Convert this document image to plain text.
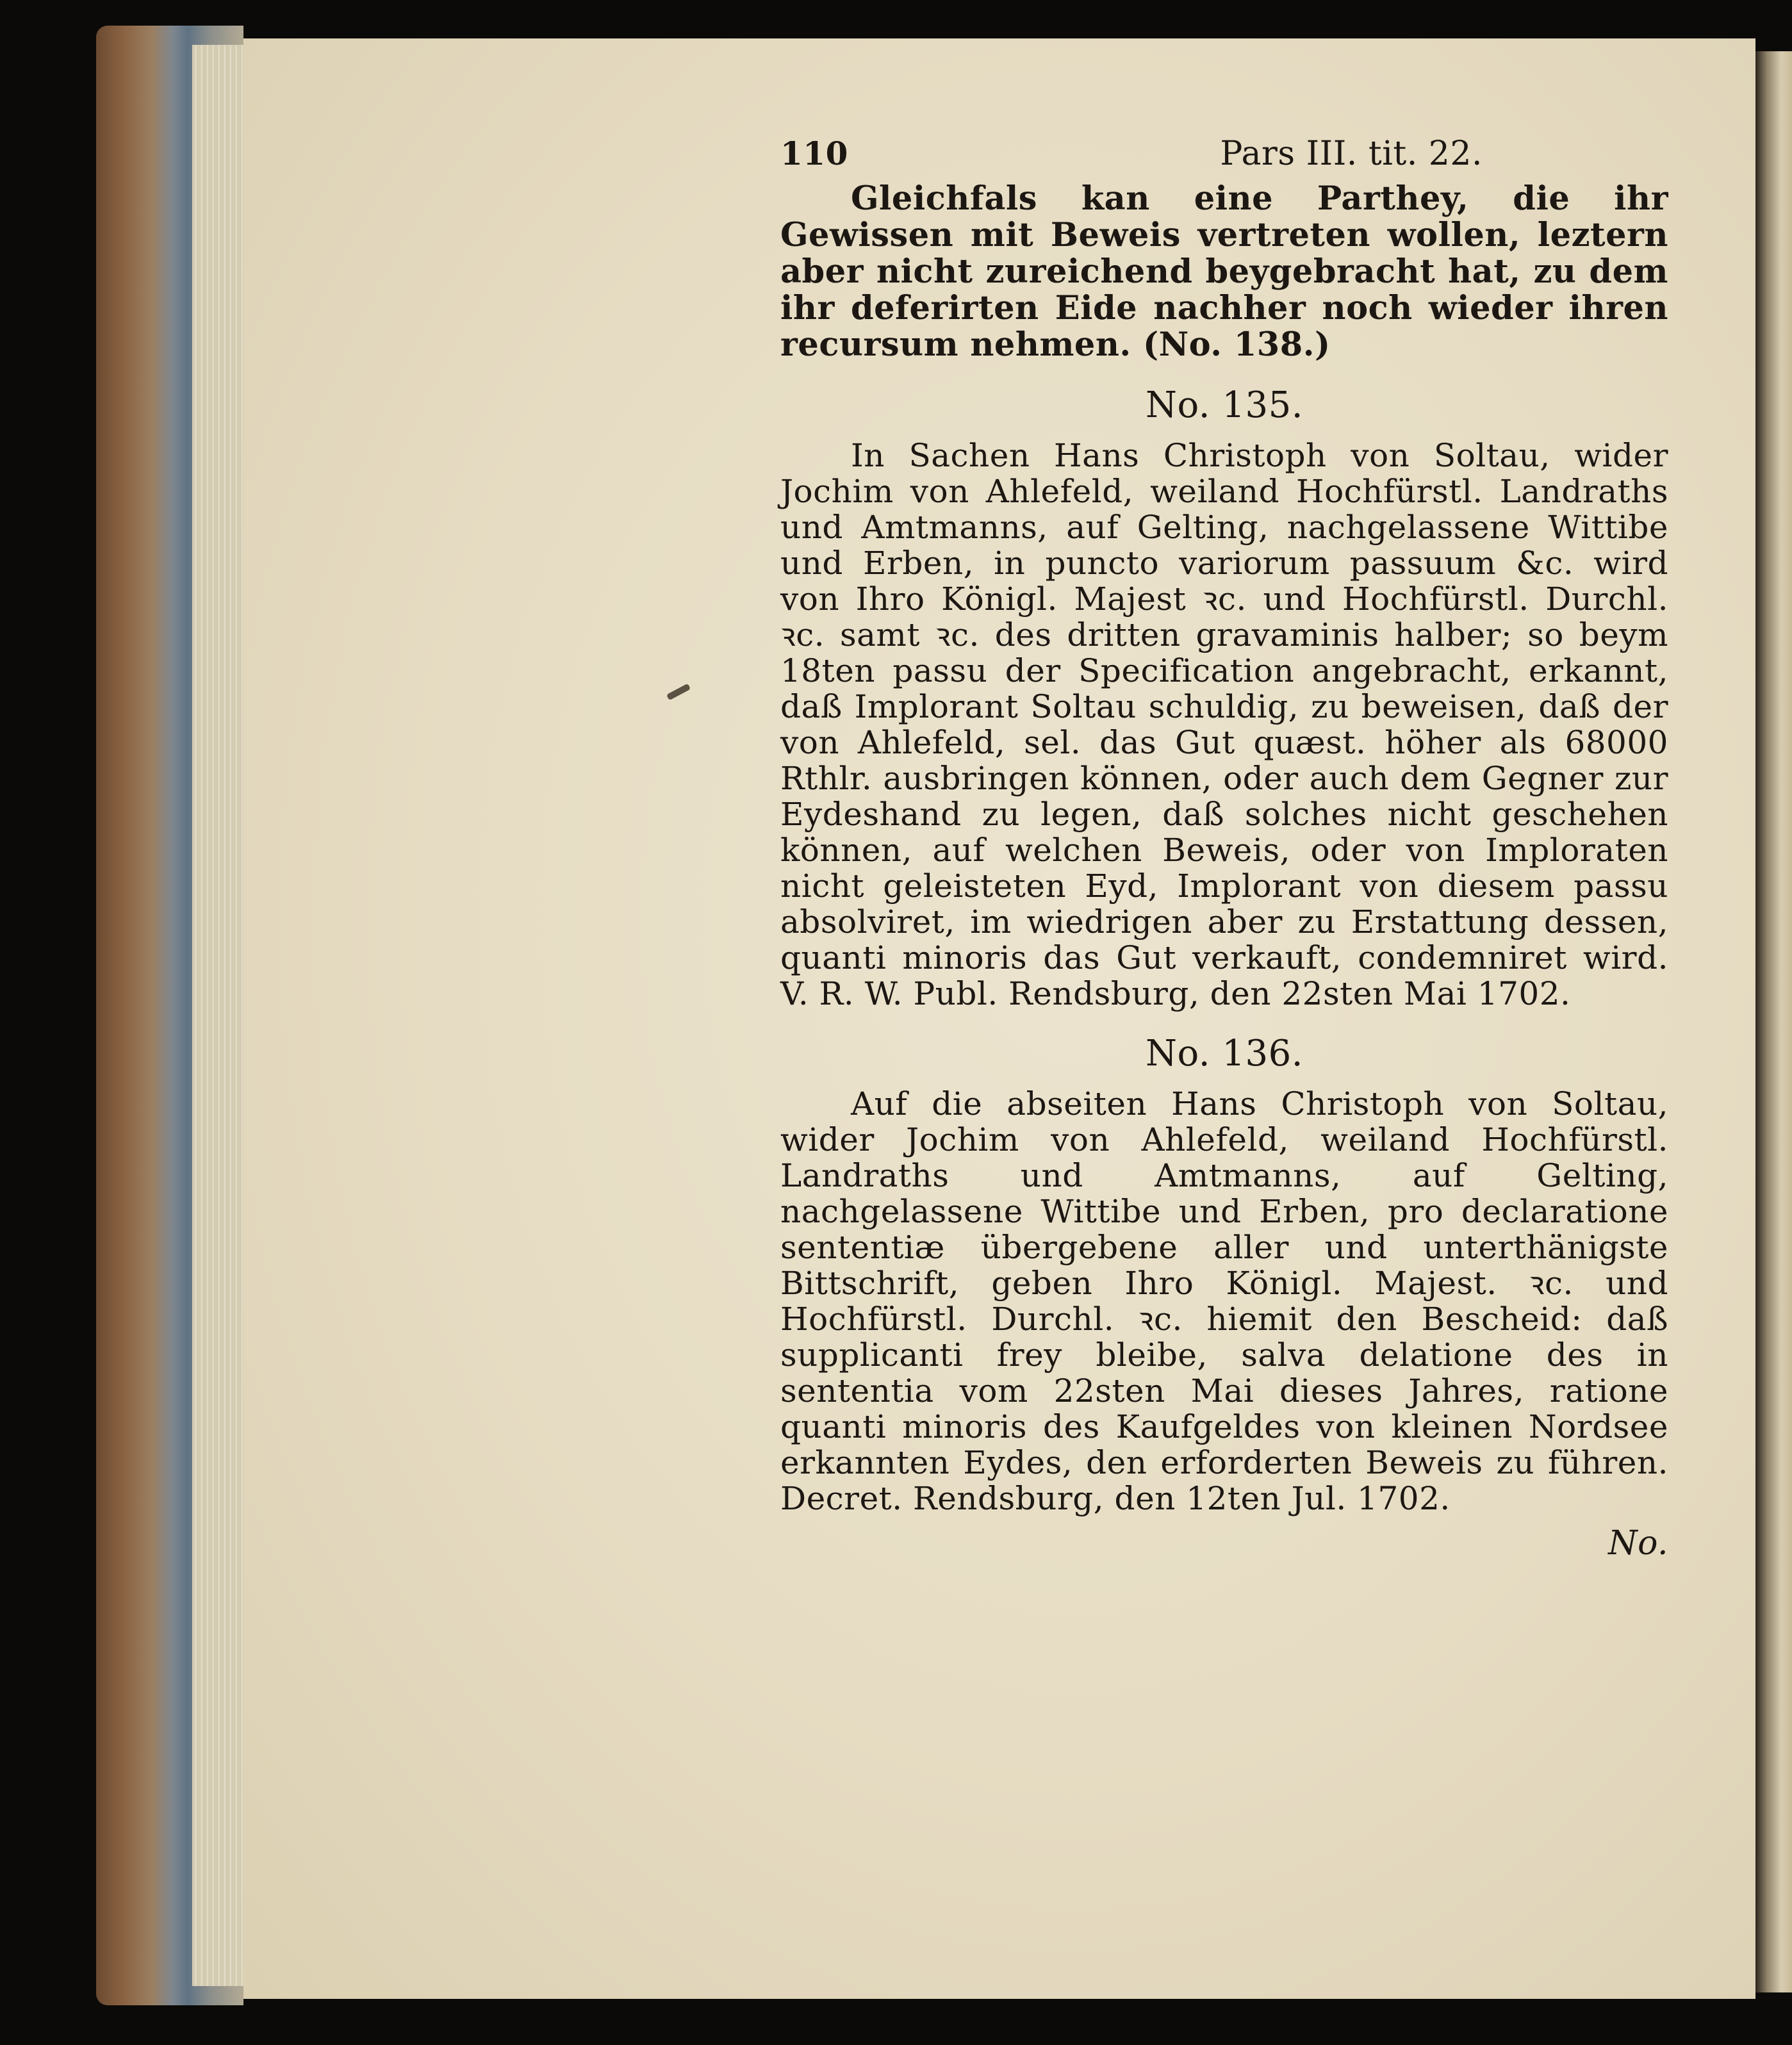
110	Pars III. tit. 22.

Gleichfals kan eine Parthey, die ihr Gewissen mit Beweis vertreten wollen, leztern aber nicht zureichend beygebracht hat, zu dem ihr deferirten Eide nachher noch wieder ihren recursum nehmen. (No. 138.)

No. 135.

In Sachen Hans Christoph von Soltau, wider Jochim von Ahlefeld, weiland Hochfürstl. Landraths und Amtmanns, auf Gelting, nachgelassene Wittibe und Erben, in puncto variorum passuum &c. wird von Ihro Königl. Majest ꝛc. und Hochfürstl. Durchl. ꝛc. samt ꝛc. des dritten gravaminis halber; so beym 18ten passu der Specification angebracht, erkannt, daß Implorant Soltau schuldig, zu beweisen, daß der von Ahlefeld, sel. das Gut quæst. höher als 68000 Rthlr. ausbringen können, oder auch dem Gegner zur Eydeshand zu legen, daß solches nicht geschehen können, auf welchen Beweis, oder von Imploraten nicht geleisteten Eyd, Implorant von diesem passu absolviret, im wiedrigen aber zu Erstattung dessen, quanti minoris das Gut verkauft, condemniret wird. V. R. W. Publ. Rendsburg, den 22sten Mai 1702.

No. 136.

Auf die abseiten Hans Christoph von Soltau, wider Jochim von Ahlefeld, weiland Hochfürstl. Landraths und Amtmanns, auf Gelting, nachgelassene Wittibe und Erben, pro declaratione sententiæ übergebene aller und unterthänigste Bittschrift, geben Ihro Königl. Majest. ꝛc. und Hochfürstl. Durchl. ꝛc. hiemit den Bescheid: daß supplicanti frey bleibe, salva delatione des in sententia vom 22sten Mai dieses Jahres, ratione quanti minoris des Kaufgeldes von kleinen Nordsee erkannten Eydes, den erforderten Beweis zu führen. Decret. Rendsburg, den 12ten Jul. 1702.

No.
